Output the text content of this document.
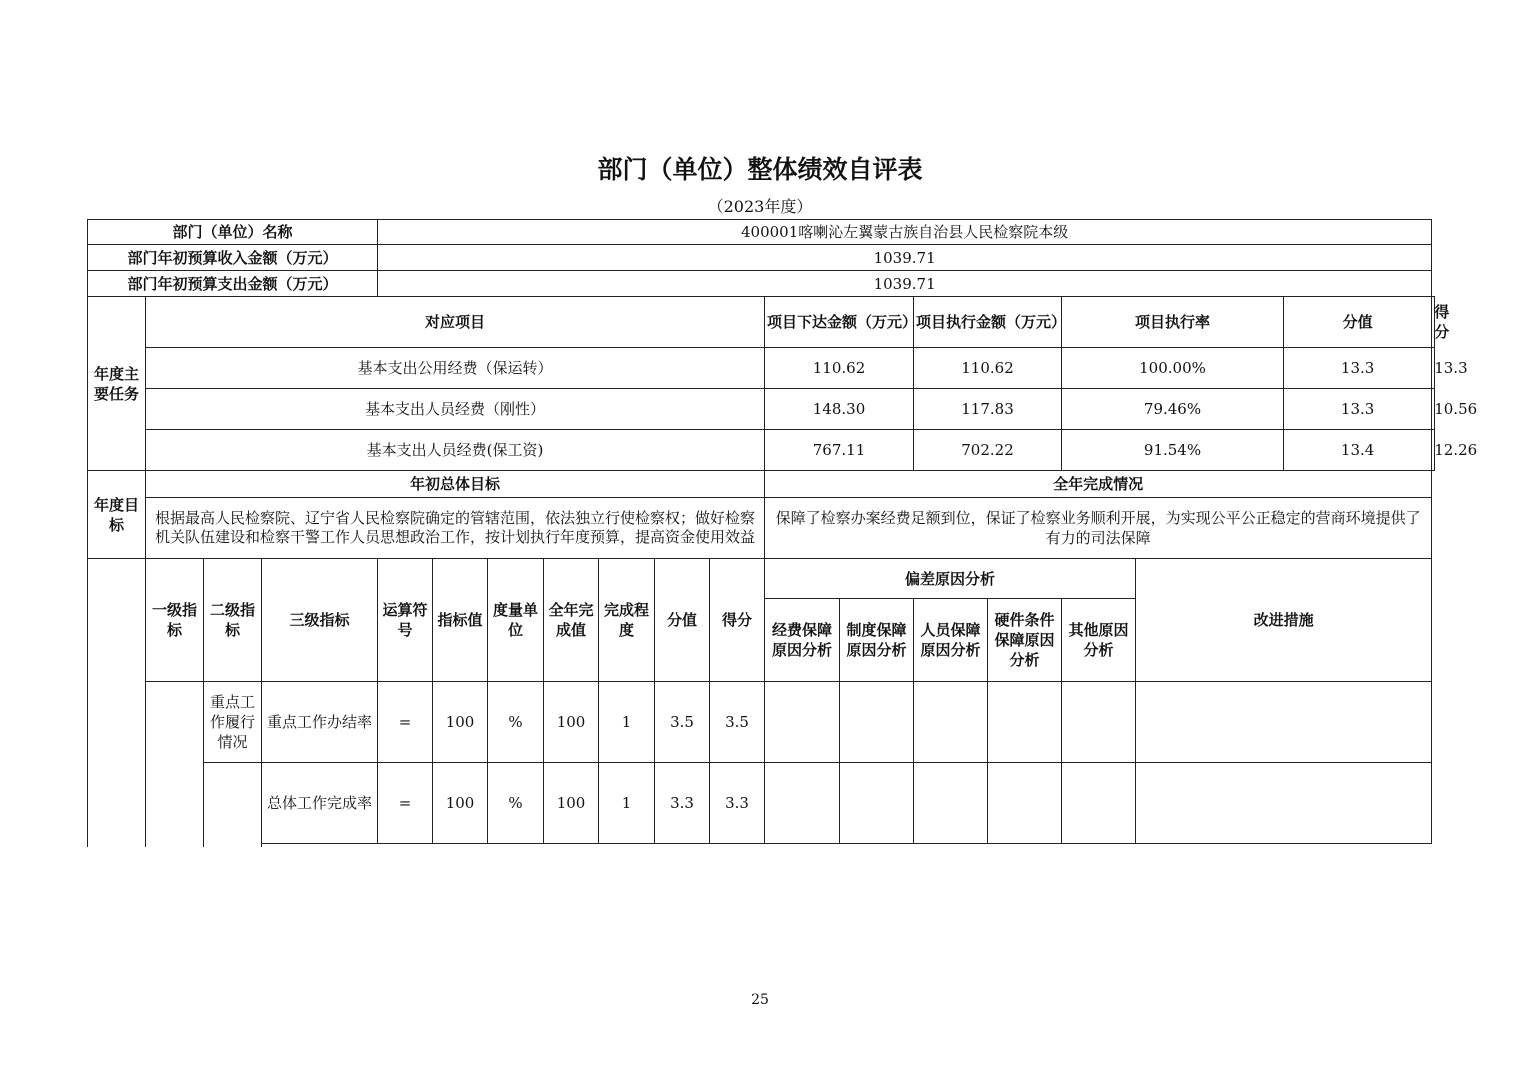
部门（单位）整体绩效自评表
（2023年度）
部门（单位）名称				400001喀喇沁左翼蒙古族自治县人民检察院本级														
部门年初预算收入金额（万元）				1039.71														
部门年初预算支出金额（万元）				1039.71														
年度主要任务	对应项目										项目下达金额（万元）		项目执行金额（万元）		项目执行率		分值	得分
	基本支出公用经费（保运转）										110.62		110.62		100.00%		13.3	13.3
	基本支出人员经费（刚性）										148.30		117.83		79.46%		13.3	10.56
	基本支出人员经费(保工资)										767.11		702.22		91.54%		13.4	12.26
年度目标	年初总体目标										全年完成情况							
	根据最高人民检察院、辽宁省人民检察院确定的管辖范围，依法独立行使检察权；做好检察机关队伍建设和检察干警工作人员思想政治工作，按计划执行年度预算，提高资金使用效益										保障了检察办案经费足额到位，保证了检察业务顺利开展，为实现公平公正稳定的营商环境提供了有力的司法保障							
	一级指标	二级指标	三级指标	运算符号	指标值	度量单位	全年完成值	完成程度	分值	得分	偏差原因分析					改进措施		
											经费保障原因分析	制度保障原因分析	人员保障原因分析	硬件条件保障原因分析	其他原因分析			
		重点工作履行情况	重点工作办结率	=	100	%	100	1	3.5	3.5								
			总体工作完成率	=	100	%	100	1	3.3	3.3								

25
